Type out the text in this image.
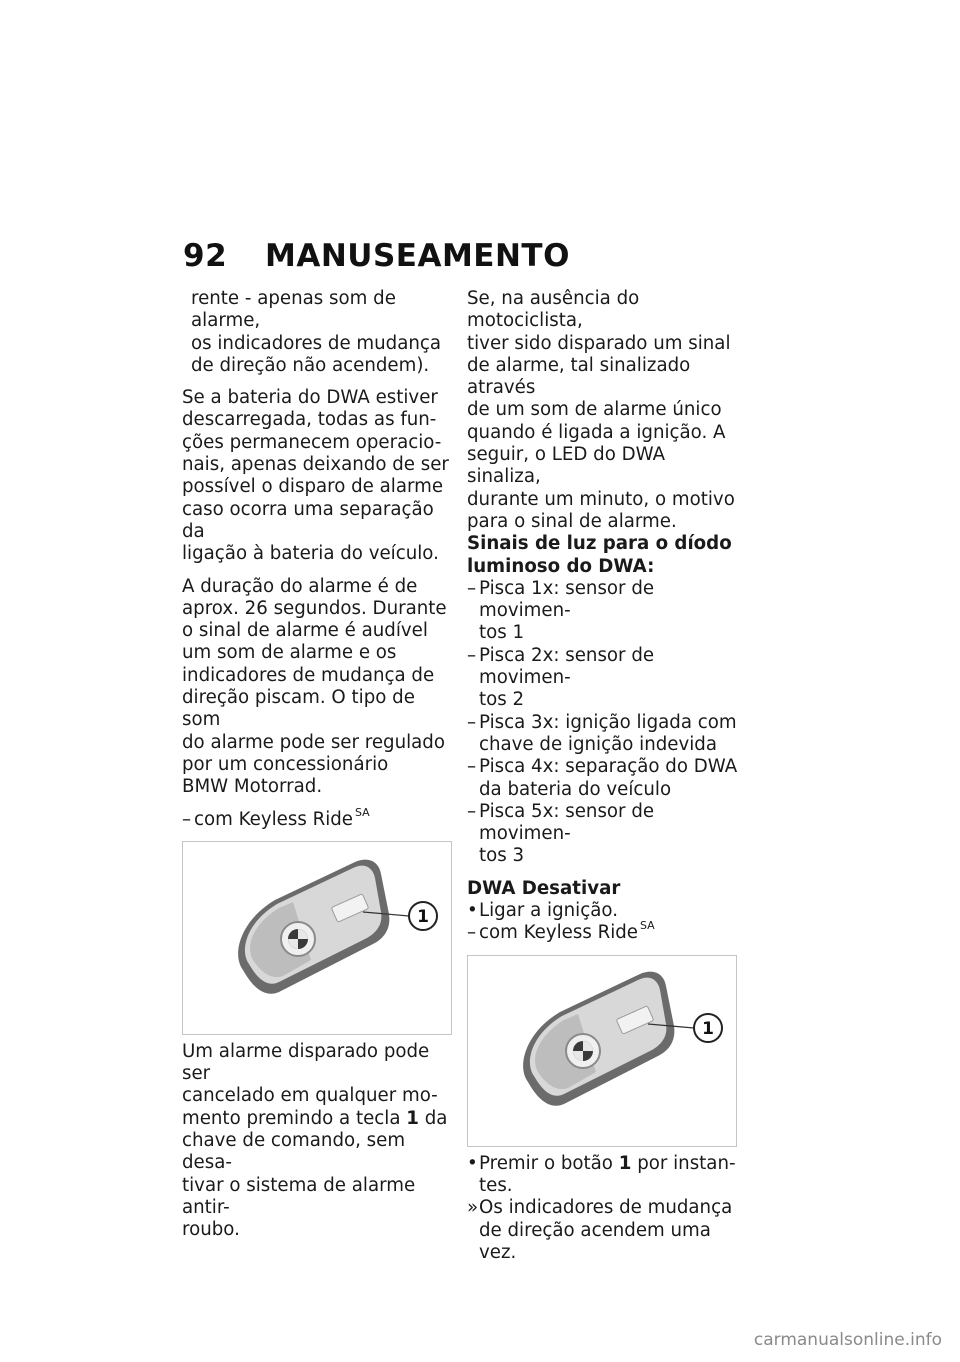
92 MANUSEAMENTO

rente - apenas som de alarme,

os indicadores de mudança

de direção não acendem).

Se a bateria do DWA estiver

descarregada, todas as fun-

ções permanecem operacio-

nais, apenas deixando de ser

possível o disparo de alarme

caso ocorra uma separação da

ligação à bateria do veículo.

A duração do alarme é de

aprox. 26 segundos. Durante

o sinal de alarme é audível

um som de alarme e os

indicadores de mudança de

direção piscam. O tipo de som

do alarme pode ser regulado

por um concessionário

BMW Motorrad.

– com Keyless Ride $^{SA}$
1

Um alarme disparado pode ser

cancelado em qualquer mo-

mento premindo a tecla 1 da

chave de comando, sem desa-

tivar o sistema de alarme antir-

roubo.

Se, na ausência do motociclista,

tiver sido disparado um sinal

de alarme, tal sinalizado através

de um som de alarme único

quando é ligada a ignição. A

seguir, o LED do DWA sinaliza,

durante um minuto, o motivo

para o sinal de alarme.

Sinais de luz para o díodo

luminoso do DWA:

– Pisca 1x: sensor de movimen-

tos 1

– Pisca 2x: sensor de movimen-

tos 2

– Pisca 3x: ignição ligada com

chave de ignição indevida

– Pisca 4x: separação do DWA

da bateria do veículo

– Pisca 5x: sensor de movimen-

tos 3

DWA Desativar

• Ligar a ignição.

– com Keyless Ride $^{SA}$
1
• Premir o botão 1 por instan-

tes.

» Os indicadores de mudança

de direção acendem uma vez.

carmanualsonline.info
